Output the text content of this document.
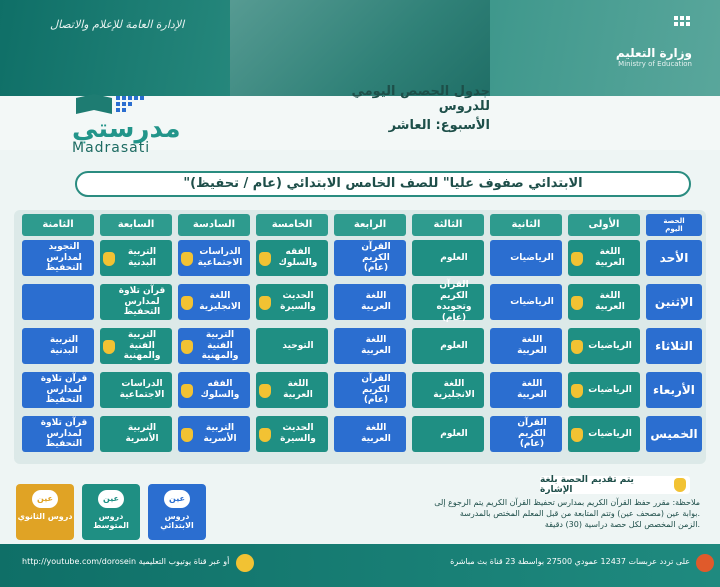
الإدارة العامة للإعلام والاتصال
وزارة التعليم
Ministry of Education
جدول الحصص اليومي للدروس
الأسبوع: العاشر
مدرستي
Madrasati
"الابتدائي صفوف عليا" للصف الخامس الابتدائي (عام / تحفيظ)
الحصة
اليوم
الأولى
الثانية
الثالثة
الرابعة
الخامسة
السادسة
السابعة
الثامنة
الأحد
اللغة العربية
الرياضيات
العلوم
القرآن الكريم (عام)
الفقه والسلوك
الدراسات الاجتماعية
التربية البدنية
التجويد لمدارس التحفيظ
الإثنين
اللغة العربية
الرياضيات
القرآن الكريم وتجويده (عام)
اللغة العربية
الحديث والسيرة
اللغة الانجليزية
قرآن تلاوة لمدارس التحفيظ
الثلاثاء
الرياضيات
اللغة العربية
العلوم
اللغة العربية
التوحيد
التربية الفنية والمهنية
التربية الفنية والمهنية
التربية البدنية
الأربعاء
الرياضيات
اللغة العربية
اللغة الانجليزية
القرآن الكريم (عام)
اللغة العربية
الفقه والسلوك
الدراسات الاجتماعية
قرآن تلاوة لمدارس التحفيظ
الخميس
الرياضيات
القرآن الكريم (عام)
العلوم
اللغة العربية
الحديث والسيرة
التربية الأسرية
التربية الأسرية
قرآن تلاوة لمدارس التحفيظ
يتم تقديم الحصة بلغة الإشارة
ملاحظة: مقرر حفظ القرآن الكريم بمدارس تحفيظ القرآن الكريم يتم الرجوع إلى
بوابة عين (مصحف عين) وتتم المتابعة من قبل المعلم المختص بالمدرسة.
الزمن المخصص لكل حصة دراسية (30) دقيقة.
عين
دروس الابتدائي
عين
دروس المتوسط
عين
دروس الثانوي
http://youtube.com/dorosein أو عبر قناة يوتيوب التعليمية	على تردد عربسات 12437 عمودي 27500 بواسطة 23 قناة بث مباشرة
